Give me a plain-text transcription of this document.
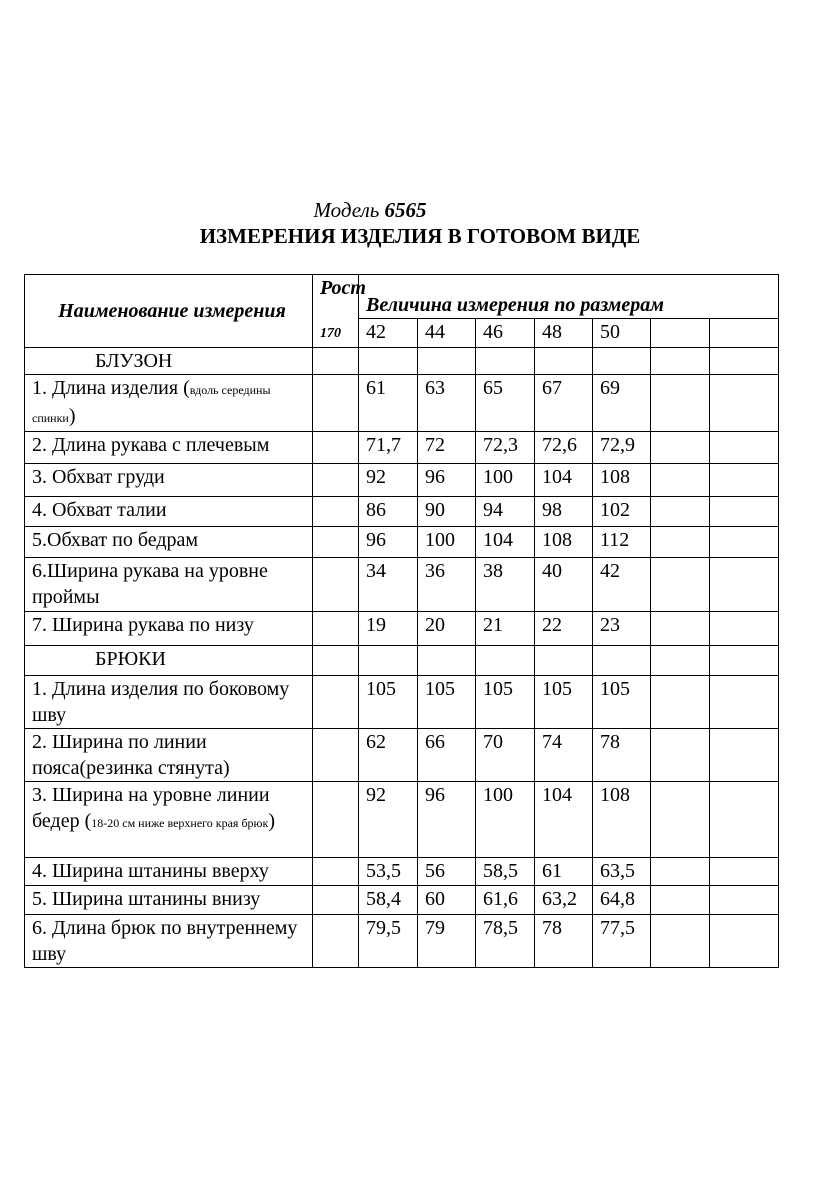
Модель 6565
ИЗМЕРЕНИЯ ИЗДЕЛИЯ В ГОТОВОМ ВИДЕ
Наименование измерения	Рост
170	Величина измерения по размерам						
		42	44	46	48	50		
БЛУЗОН								
1. Длина изделия (вдоль середины спинки)		61	63	65	67	69		
2. Длина рукава с плечевым		71,7	72	72,3	72,6	72,9		
3. Обхват груди		92	96	100	104	108		
4. Обхват талии		86	90	94	98	102		
5.Обхват по бедрам		96	100	104	108	112		
6.Ширина рукава на уровне проймы		34	36	38	40	42		
7. Ширина рукава по низу		19	20	21	22	23		
БРЮКИ								
1. Длина изделия по боковому шву		105	105	105	105	105		
2. Ширина по линии пояса(резинка стянута)		62	66	70	74	78		
3. Ширина на уровне линии бедер (18-20 см ниже верхнего края брюк)		92	96	100	104	108		
4. Ширина штанины вверху		53,5	56	58,5	61	63,5		
5. Ширина штанины внизу		58,4	60	61,6	63,2	64,8		
6. Длина брюк по внутреннему шву		79,5	79	78,5	78	77,5		
